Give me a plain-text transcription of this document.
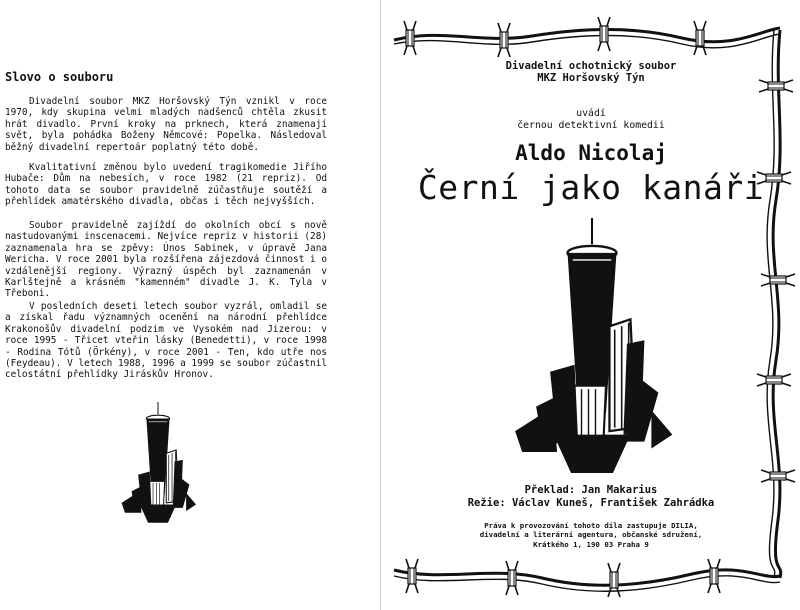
Slovo o souboru

Divadelní soubor MKZ Horšovský Týn vznikl v roce 1970, kdy skupina velmi mladých nadšenců chtěla zkusit hrát divadlo. První kroky na prknech, která znamenají svět, byla pohádka Boženy Němcové: Popelka. Následoval běžný divadelní repertoár poplatný této době.

Kvalitativní změnou bylo uvedení tragikomedie Jiřího Hubače: Dům na nebesích, v roce 1982 (21 repriz). Od tohoto data se soubor pravidelně zúčastňuje soutěží a přehlídek amatérského divadla, občas i těch nejvyšších.

Soubor pravidelně zajíždí do okolních obcí s nově nastudovanými inscenacemi. Nejvíce repriz v historii (28) zaznamenala hra se zpěvy: Únos Sabinek, v úpravě Jana Wericha. V roce 2001 byla rozšířena zájezdová činnost i o vzdálenější regiony. Výrazný úspěch byl zaznamenán v Karlštejně a krásném "kamenném" divadle J. K. Tyla v Třeboni.

V posledních deseti letech soubor vyzrál, omladil se a získal řadu významných ocenění na národní přehlídce Krakonošův divadelní podzim ve Vysokém nad Jizerou: v roce 1995 - Třicet vteřin lásky (Benedetti), v roce 1998 - Rodina Tótů (Örkény), v roce 2001 - Ten, kdo utře nos (Feydeau). V letech 1988, 1996 a 1999 se soubor zúčastnil celostátní přehlídky Jiráskův Hronov.

Divadelní ochotnický soubor
MKZ Horšovský Týn

uvádí
černou detektivní komedii

Aldo Nicolaj

Černí jako kanáři

Překlad: Jan Makarius
Režie: Václav Kuneš, František Zahrádka

Práva k provozování tohoto díla zastupuje DILIA,
divadelní a literární agentura, občanské sdružení,
Krátkého 1, 190 03 Praha 9
